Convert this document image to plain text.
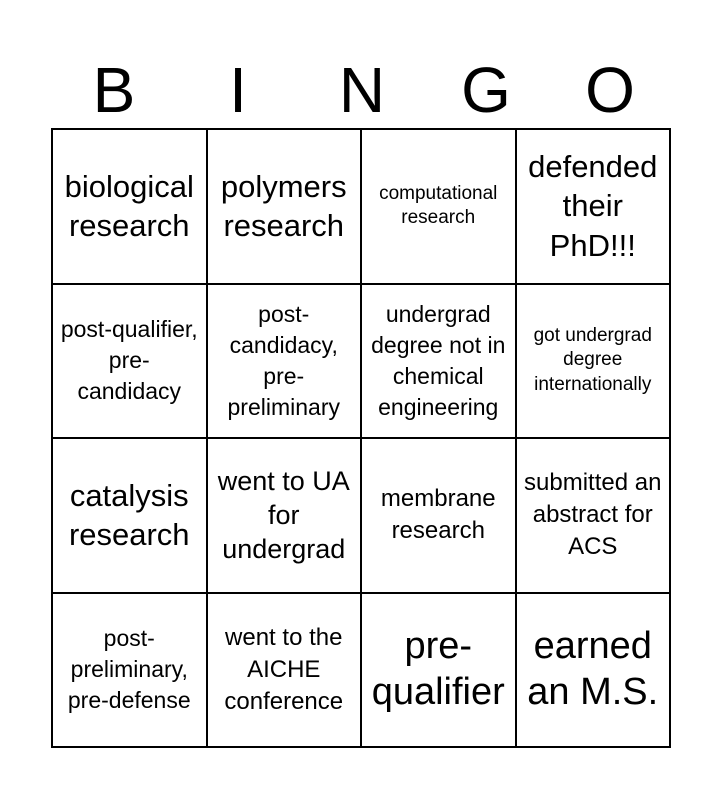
B	I	N	G	O
biological research
polymers research
computational research
defended their PhD!!!
post-qualifier, pre-candidacy
post-candidacy, pre-preliminary
undergrad degree not in chemical engineering
got undergrad degree internationally
catalysis research
went to UA for undergrad
membrane research
submitted an abstract for ACS
post-preliminary, pre-defense
went to the AICHE conference
pre-qualifier
earned an M.S.
